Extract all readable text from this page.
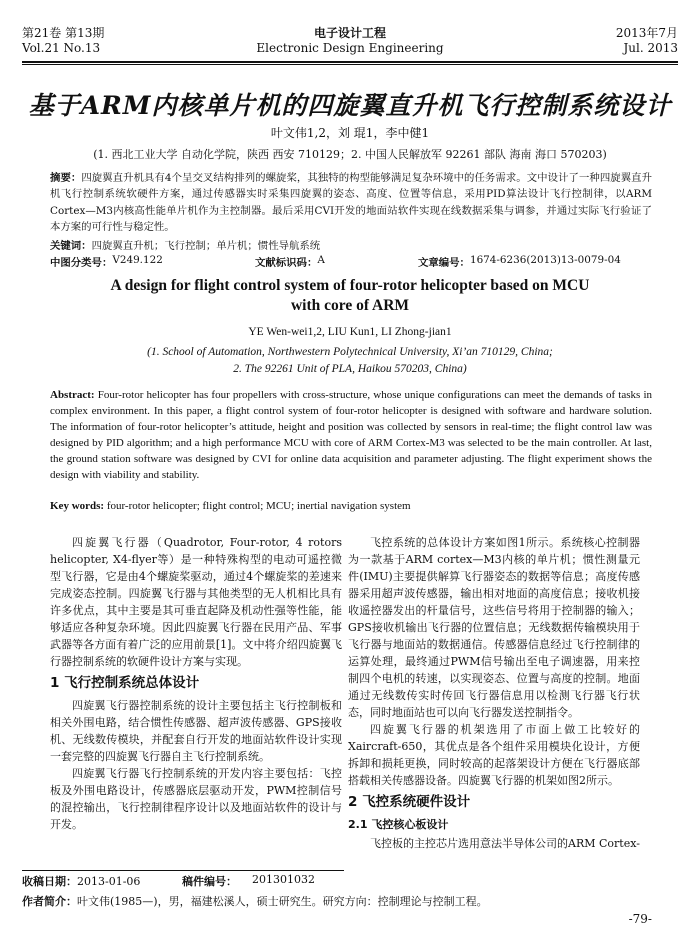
第21卷 第13期
Vol.21 No.13
电子设计工程
Electronic Design Engineering
2013年7月
Jul. 2013
基于ARM内核单片机的四旋翼直升机飞行控制系统设计
叶文伟1,2，刘 琨1，李中健1
(1. 西北工业大学 自动化学院，陕西 西安 710129；2. 中国人民解放军 92261 部队 海南 海口 570203)
摘要：四旋翼直升机具有4个呈交叉结构排列的螺旋桨，其独特的构型能够满足复杂环境中的任务需求。文中设计了一种四旋翼直升机飞行控制系统软硬件方案，通过传感器实时采集四旋翼的姿态、高度、位置等信息，采用PID算法设计飞行控制律，以ARM Cortex—M3内核高性能单片机作为主控制器。最后采用CVI开发的地面站软件实现在线数据采集与调参，并通过实际飞行验证了本方案的可行性与稳定性。
关键词：四旋翼直升机；飞行控制；单片机；惯性导航系统
中图分类号： V249.122	文献标识码： A	文章编号： 1674-6236(2013)13-0079-04
A design for flight control system of four-rotor helicopter based on MCU
with core of ARM
YE Wen-wei1,2, LIU Kun1, LI Zhong-jian1
(1. School of Automation, Northwestern Polytechnical University, Xi’an 710129, China;
2. The 92261 Unit of PLA, Haikou 570203, China)
Abstract: Four-rotor helicopter has four propellers with cross-structure, whose unique configurations can meet the demands of tasks in complex environment. In this paper, a flight control system of four-rotor helicopter is designed with software and hardware solution. The information of four-rotor helicopter’s attitude, height and position was collected by sensors in real-time; the flight control law was designed by PID algorithm; and a high performance MCU with core of ARM Cortex-M3 was selected to be the main controller. At last, the ground station software was designed by CVI for online data acquisition and parameter adjusting. The flight experiment shows the design with viability and stability.
Key words: four-rotor helicopter; flight control; MCU; inertial navigation system

四旋翼飞行器（Quadrotor, Four-rotor, 4 rotors helicopter, X4-flyer等）是一种特殊构型的电动可遥控微型飞行器，它是由4个螺旋桨驱动，通过4个螺旋桨的差速来完成姿态控制。四旋翼飞行器与其他类型的无人机相比具有许多优点，其中主要是其可垂直起降及机动性强等性能，能够适应各种复杂环境。因此四旋翼飞行器在民用产品、军事武器等各方面有着广泛的应用前景[1]。文中将介绍四旋翼飞行器控制系统的软硬件设计方案与实现。

1 飞行控制系统总体设计

四旋翼飞行器控制系统的设计主要包括主飞行控制板和相关外围电路，结合惯性传感器、超声波传感器、GPS接收机、无线数传模块，并配套自行开发的地面站软件设计实现一套完整的四旋翼飞行器自主飞行控制系统。

四旋翼飞行器飞行控制系统的开发内容主要包括：飞控板及外围电路设计，传感器底层驱动开发，PWM控制信号的混控输出，飞行控制律程序设计以及地面站软件的设计与开发。

飞控系统的总体设计方案如图1所示。系统核心控制器为一款基于ARM cortex—M3内核的单片机；惯性测量元件(IMU)主要提供解算飞行器姿态的数据等信息；高度传感器采用超声波传感器，输出相对地面的高度信息；接收机接收遥控器发出的杆量信号，这些信号将用于控制器的输入；GPS接收机输出飞行器的位置信息；无线数据传输模块用于飞行器与地面站的数据通信。传感器信息经过飞行控制律的运算处理，最终通过PWM信号输出至电子调速器，用来控制四个电机的转速，以实现姿态、位置与高度的控制。地面通过无线数传实时传回飞行器信息用以检测飞行器飞行状态，同时地面站也可以向飞行器发送控制指令。

四旋翼飞行器的机架选用了市面上做工比较好的Xaircraft-650，其优点是各个组件采用模块化设计，方便拆卸和损耗更换，同时较高的起落架设计方便在飞行器底部搭载相关传感器设备。四旋翼飞行器的机架如图2所示。

2 飞控系统硬件设计
2.1 飞控核心板设计

飞控板的主控芯片选用意法半导体公司的ARM Cortex-

收稿日期：2013-01-06	稿件编号： 201301032
作者简介：叶文伟(1985—)，男，福建松溪人，硕士研究生。研究方向：控制理论与控制工程。
-79-
